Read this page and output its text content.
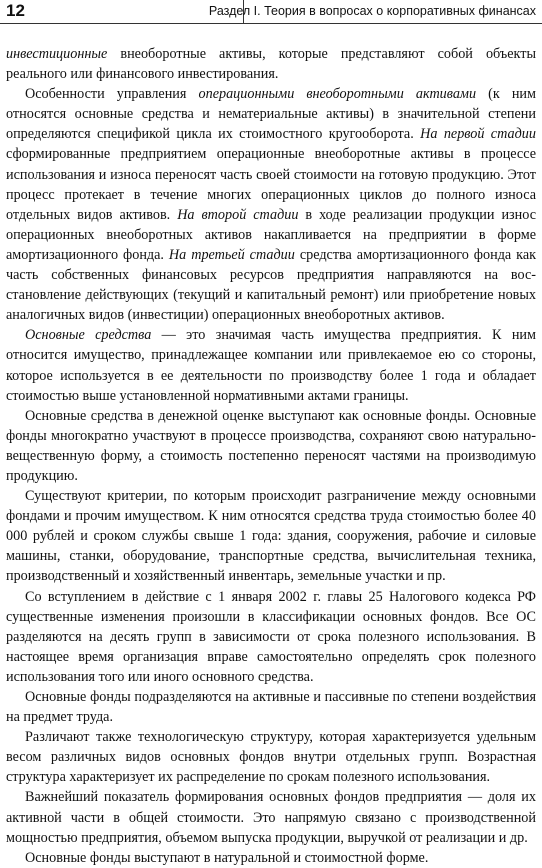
12	Раздел I. Теория в вопросах о корпоративных финансах

инвестиционные внеоборотные активы, которые представляют собой объекты реального или финансового инвестирования.

Особенности управления операционными внеоборотными активами (к ним относятся основные средства и нематериальные активы) в значительной степени определяются спецификой цикла их стоимостного кругооборота. На первой стадии сформированные предприятием операционные внеоборотные активы в процессе использования и износа переносят часть своей стоимости на готовую продукцию. Этот процесс протекает в течение многих операционных циклов до полного износа отдельных видов активов. На второй стадии в ходе реализации продукции износ операционных внеоборотных активов накапливается на предприятии в форме амортизационного фонда. На третьей стадии средства амортизационного фонда как часть собственных финансовых ресурсов предприятия направляются на восстановление действующих (текущий и капитальный ремонт) или приобретение новых аналогичных видов (инвестиции) операционных внеоборотных активов.

Основные средства — это значимая часть имущества предприятия. К ним относится имущество, принадлежащее компании или привлекаемое ею со стороны, которое используется в ее деятельности по производству более 1 года и обладает стоимостью выше установленной нормативными актами границы.

Основные средства в денежной оценке выступают как основные фонды. Основные фонды многократно участвуют в процессе производства, сохраняют свою натурально-вещественную форму, а стоимость постепенно переносят частями на производимую продукцию.

Существуют критерии, по которым происходит разграничение между основными фондами и прочим имуществом. К ним относятся средства труда стоимостью более 40 000 рублей и сроком службы свыше 1 года: здания, сооружения, рабочие и силовые машины, станки, оборудование, транспортные средства, вычислительная техника, производственный и хозяйственный инвентарь, земельные участки и пр.

Со вступлением в действие с 1 января 2002 г. главы 25 Налогового кодекса РФ существенные изменения произошли в классификации основных фондов. Все ОС разделяются на десять групп в зависимости от срока полезного использования. В настоящее время организация вправе самостоятельно определять срок полезного использования того или иного основного средства.

Основные фонды подразделяются на активные и пассивные по степени воздействия на предмет труда.

Различают также технологическую структуру, которая характеризуется удельным весом различных видов основных фондов внутри отдельных групп. Возрастная структура характеризует их распределение по срокам полезного использования.

Важнейший показатель формирования основных фондов предприятия — доля их активной части в общей стоимости. Это напрямую связано с производственной мощностью предприятия, объемом выпуска продукции, выручкой от реализации и др.

Основные фонды выступают в натуральной и стоимостной форме.
